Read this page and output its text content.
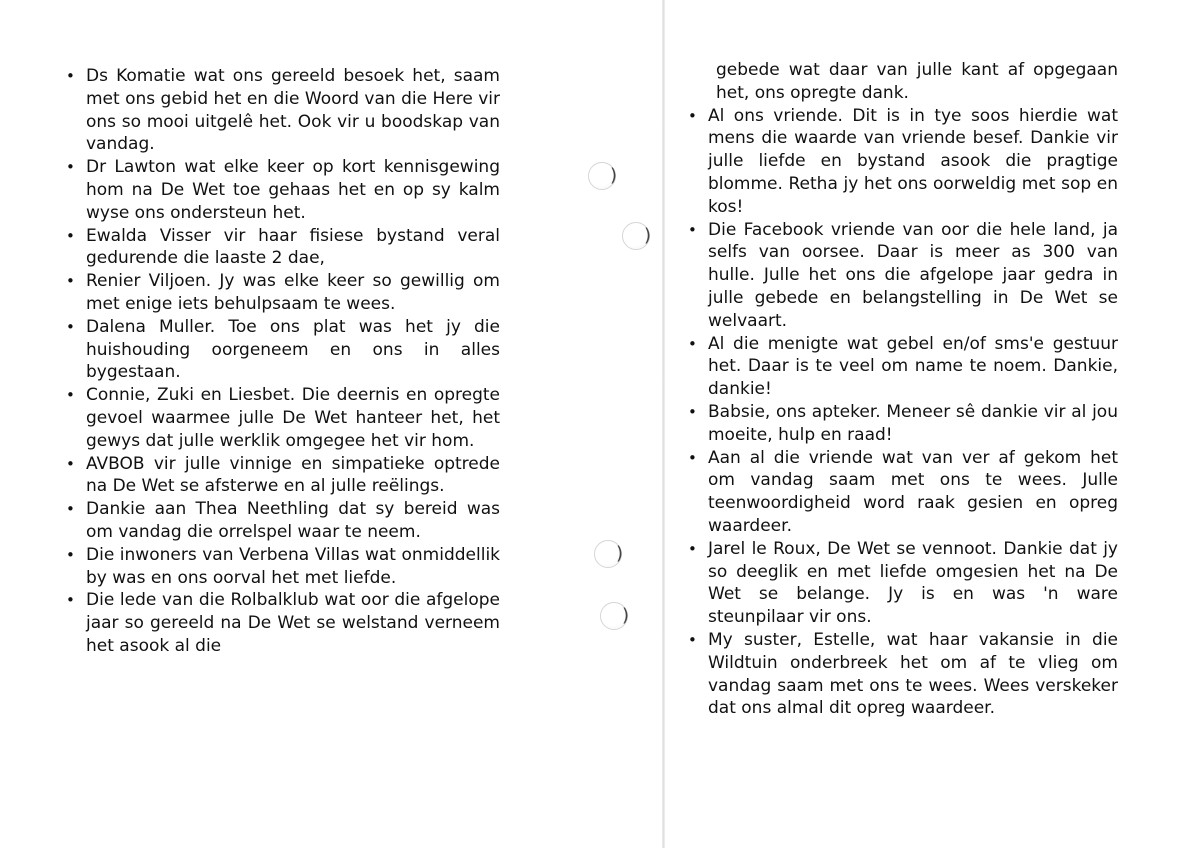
• Ds Komatie wat ons gereeld besoek het, saam met ons gebid het en die Woord van die Here vir ons so mooi uitgelê het. Ook vir u boodskap van vandag.
• Dr Lawton wat elke keer op kort kennisgewing hom na De Wet toe gehaas het en op sy kalm wyse ons ondersteun het.
• Ewalda Visser vir haar fisiese bystand veral gedurende die laaste 2 dae,
• Renier Viljoen. Jy was elke keer so gewillig om met enige iets behulpsaam te wees.
• Dalena Muller. Toe ons plat was het jy die huishouding oorgeneem en ons in alles bygestaan.
• Connie, Zuki en Liesbet. Die deernis en opregte gevoel waarmee julle De Wet hanteer het, het gewys dat julle werklik omgegee het vir hom.
• AVBOB vir julle vinnige en simpatieke optrede na De Wet se afsterwe en al julle reëlings.
• Dankie aan Thea Neethling dat sy bereid was om vandag die orrelspel waar te neem.
• Die inwoners van Verbena Villas wat onmiddellik by was en ons oorval het met liefde.
• Die lede van die Rolbalklub wat oor die afgelope jaar so gereeld na De Wet se welstand verneem het asook al die
gebede wat daar van julle kant af opgegaan het, ons opregte dank.
• Al ons vriende. Dit is in tye soos hierdie wat mens die waarde van vriende besef. Dankie vir julle liefde en bystand asook die pragtige blomme. Retha jy het ons oorweldig met sop en kos!
• Die Facebook vriende van oor die hele land, ja selfs van oorsee. Daar is meer as 300 van hulle. Julle het ons die afgelope jaar gedra in julle gebede en belangstelling in De Wet se welvaart.
• Al die menigte wat gebel en/of sms'e gestuur het. Daar is te veel om name te noem. Dankie, dankie!
• Babsie, ons apteker. Meneer sê dankie vir al jou moeite, hulp en raad!
• Aan al die vriende wat van ver af gekom het om vandag saam met ons te wees. Julle teenwoordigheid word raak gesien en opreg waardeer.
• Jarel le Roux, De Wet se vennoot. Dankie dat jy so deeglik en met liefde omgesien het na De Wet se belange. Jy is en was 'n ware steunpilaar vir ons.
• My suster, Estelle, wat haar vakansie in die Wildtuin onderbreek het om af te vlieg om vandag saam met ons te wees. Wees verskeker dat ons almal dit opreg waardeer.
)
)
)
)
